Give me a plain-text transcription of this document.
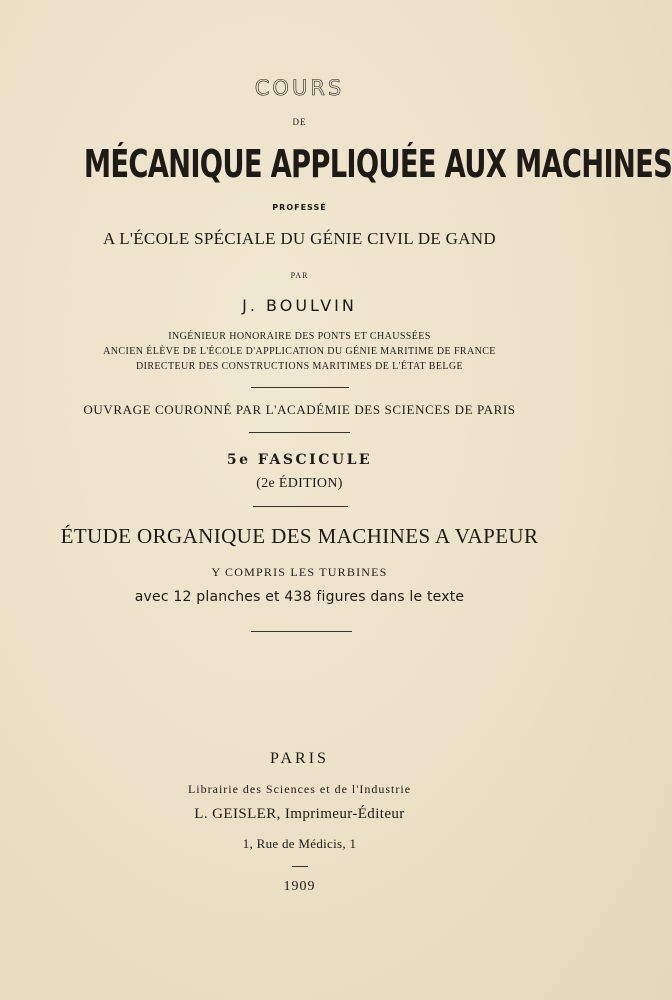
COURS
DE
MÉCANIQUE APPLIQUÉE AUX MACHINES
PROFESSÉ
A L'ÉCOLE SPÉCIALE DU GÉNIE CIVIL DE GAND
PAR
J. BOULVIN
INGÉNIEUR HONORAIRE DES PONTS ET CHAUSSÉES
ANCIEN ÉLÈVE DE L'ÉCOLE D'APPLICATION DU GÉNIE MARITIME DE FRANCE
DIRECTEUR DES CONSTRUCTIONS MARITIMES DE L'ÉTAT BELGE
OUVRAGE COURONNÉ PAR L'ACADÉMIE DES SCIENCES DE PARIS
5e FASCICULE
(2e ÉDITION)
ÉTUDE ORGANIQUE DES MACHINES A VAPEUR
Y COMPRIS LES TURBINES
avec 12 planches et 438 figures dans le texte
PARIS
Librairie des Sciences et de l'Industrie
L. GEISLER, Imprimeur-Éditeur
1, Rue de Médicis, 1
1909
